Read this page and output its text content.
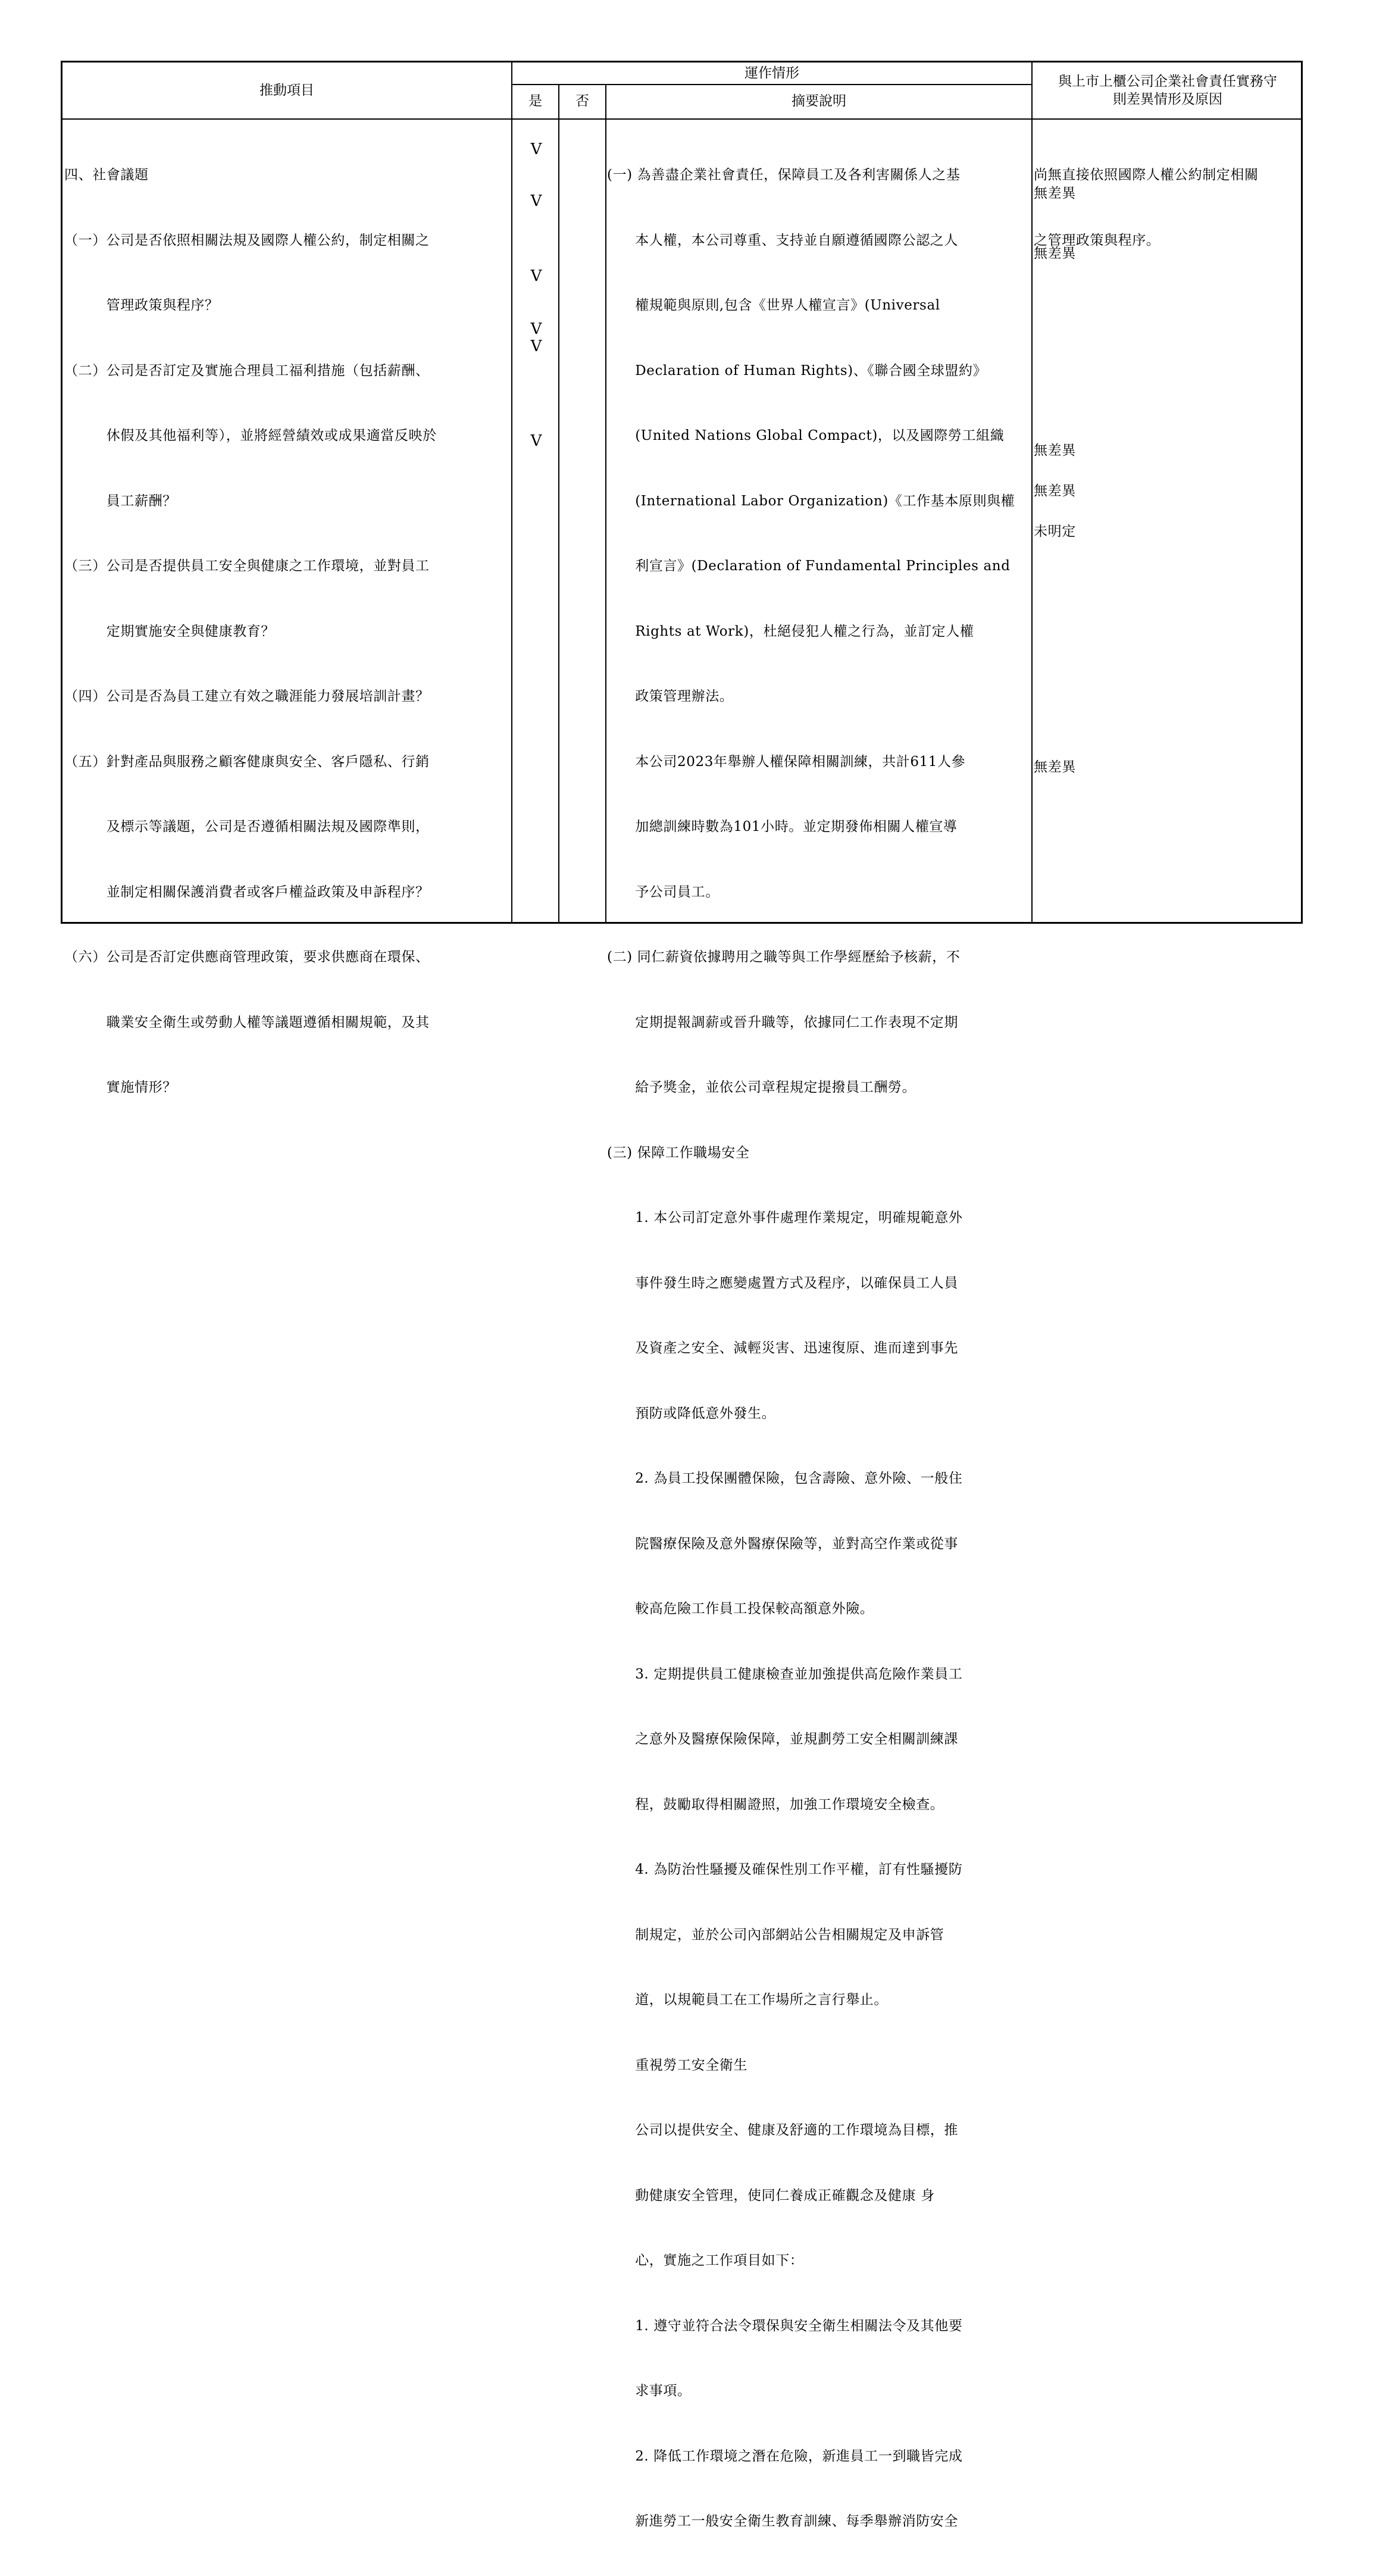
推動項目
運作情形
是	否	摘要說明
與上市上櫃公司企業社會責任實務守
則差異情形及原因

四、社會議題

（一）公司是否依照相關法規及國際人權公約，制定相關之

　　　管理政策與程序？

（二）公司是否訂定及實施合理員工福利措施（包括薪酬、

　　　休假及其他福利等），並將經營績效或成果適當反映於

　　　員工薪酬？

（三）公司是否提供員工安全與健康之工作環境，並對員工

　　　定期實施安全與健康教育？

（四）公司是否為員工建立有效之職涯能力發展培訓計畫？

（五）針對產品與服務之顧客健康與安全、客戶隱私、行銷

　　　及標示等議題，公司是否遵循相關法規及國際準則，

　　　並制定相關保護消費者或客戶權益政策及申訴程序？

（六）公司是否訂定供應商管理政策，要求供應商在環保、

　　　職業安全衛生或勞動人權等議題遵循相關規範，及其

　　　實施情形？

V
V
V
V
V
V

(一) 為善盡企業社會責任，保障員工及各利害關係人之基

　　本人權，本公司尊重、支持並自願遵循國際公認之人

　　權規範與原則,包含《世界人權宣言》(Universal

　　Declaration of Human Rights)、《聯合國全球盟約》

　　(United Nations Global Compact)，以及國際勞工組織

　　(International Labor Organization)《工作基本原則與權

　　利宣言》(Declaration of Fundamental Principles and

　　Rights at Work)，杜絕侵犯人權之行為，並訂定人權

　　政策管理辦法。

　　本公司2023年舉辦人權保障相關訓練，共計611人參

　　加總訓練時數為101小時。並定期發佈相關人權宣導

　　予公司員工。

(二) 同仁薪資依據聘用之職等與工作學經歷給予核薪，不

　　定期提報調薪或晉升職等，依據同仁工作表現不定期

　　給予獎金，並依公司章程規定提撥員工酬勞。

(三) 保障工作職場安全

　　1. 本公司訂定意外事件處理作業規定，明確規範意外

　　事件發生時之應變處置方式及程序，以確保員工人員

　　及資產之安全、減輕災害、迅速復原、進而達到事先

　　預防或降低意外發生。

　　2. 為員工投保團體保險，包含壽險、意外險、一般住

　　院醫療保險及意外醫療保險等，並對高空作業或從事

　　較高危險工作員工投保較高額意外險。

　　3. 定期提供員工健康檢查並加強提供高危險作業員工

　　之意外及醫療保險保障，並規劃勞工安全相關訓練課

　　程，鼓勵取得相關證照，加強工作環境安全檢查。

　　4. 為防治性騷擾及確保性別工作平權，訂有性騷擾防

　　制規定，並於公司內部網站公告相關規定及申訴管

　　道，以規範員工在工作場所之言行舉止。

　　重視勞工安全衛生

　　公司以提供安全、健康及舒適的工作環境為目標，推

　　動健康安全管理，使同仁養成正確觀念及健康 身

　　心，實施之工作項目如下：

　　1. 遵守並符合法令環保與安全衛生相關法令及其他要

　　求事項。

　　2. 降低工作環境之潛在危險，新進員工一到職皆完成

　　新進勞工一般安全衛生教育訓練、每季舉辦消防安全

尚無直接依照國際人權公約制定相關

之管理政策與程序。

無差異
無差異
無差異
無差異
未明定
無差異
